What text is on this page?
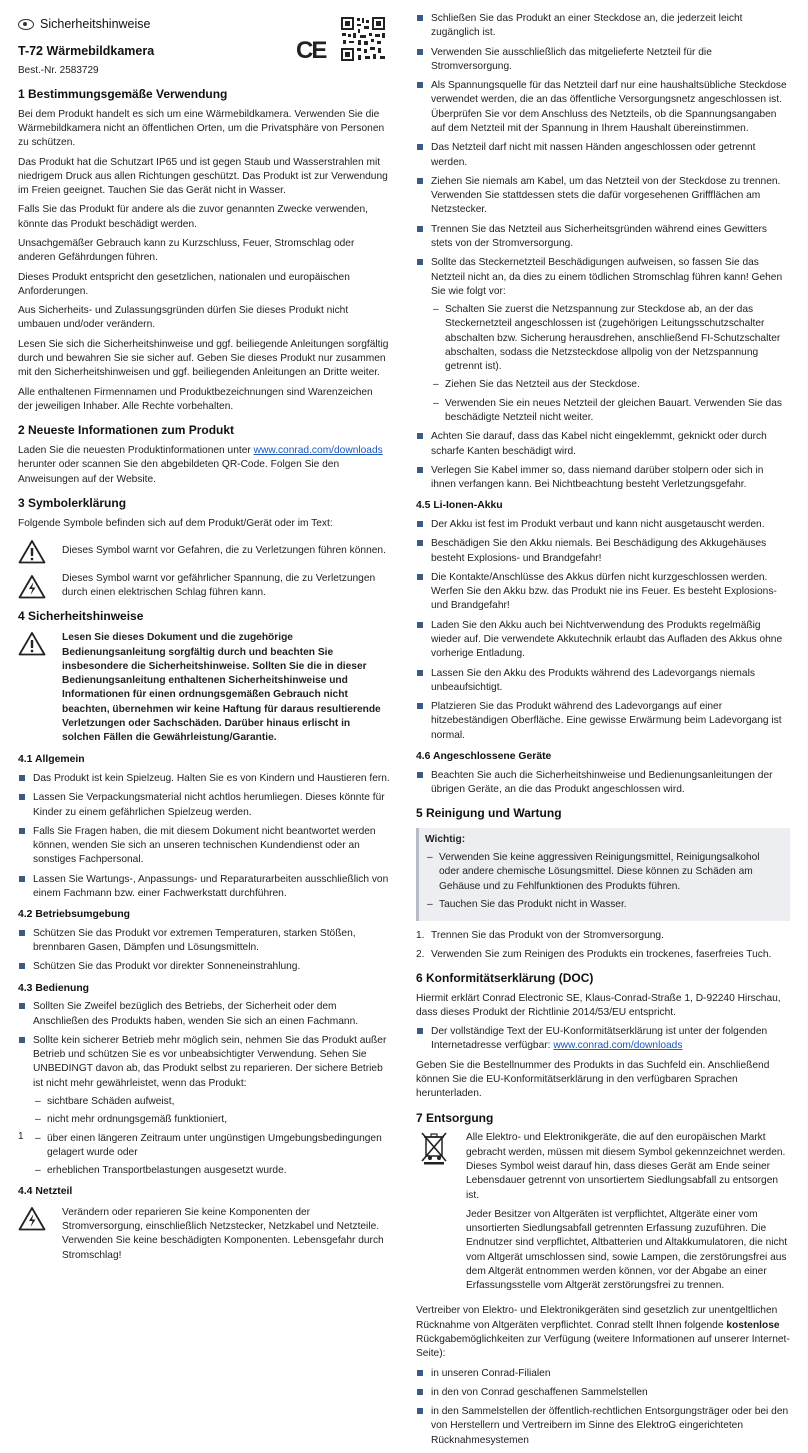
Sicherheitshinweise
T-72 Wärmebildkamera
Best.-Nr. 2583729
CE
1 Bestimmungsgemäße Verwendung

Bei dem Produkt handelt es sich um eine Wärmebildkamera. Verwenden Sie die Wärmebildkamera nicht an öffentlichen Orten, um die Privatsphäre von Personen zu schützen.

Das Produkt hat die Schutzart IP65 und ist gegen Staub und Wasserstrahlen mit niedrigem Druck aus allen Richtungen geschützt. Das Produkt ist zur Verwendung im Freien geeignet. Tauchen Sie das Gerät nicht in Wasser.

Falls Sie das Produkt für andere als die zuvor genannten Zwecke verwenden, könnte das Produkt beschädigt werden.

Unsachgemäßer Gebrauch kann zu Kurzschluss, Feuer, Stromschlag oder anderen Gefährdungen führen.

Dieses Produkt entspricht den gesetzlichen, nationalen und europäischen Anforderungen.

Aus Sicherheits- und Zulassungsgründen dürfen Sie dieses Produkt nicht umbauen und/oder verändern.

Lesen Sie sich die Sicherheitshinweise und ggf. beiliegende Anleitungen sorgfältig durch und bewahren Sie sie sicher auf. Geben Sie dieses Produkt nur zusammen mit den Sicherheitshinweisen und ggf. beiliegenden Anleitungen an Dritte weiter.

Alle enthaltenen Firmennamen und Produktbezeichnungen sind Warenzeichen der jeweiligen Inhaber. Alle Rechte vorbehalten.

2 Neueste Informationen zum Produkt

Laden Sie die neuesten Produktinformationen unter www.conrad.com/downloads herunter oder scannen Sie den abgebildeten QR-Code. Folgen Sie den Anweisungen auf der Website.

3 Symbolerklärung

Folgende Symbole befinden sich auf dem Produkt/Gerät oder im Text:

Dieses Symbol warnt vor Gefahren, die zu Verletzungen führen können.
Dieses Symbol warnt vor gefährlicher Spannung, die zu Verletzungen durch einen elektrischen Schlag führen kann.
4 Sicherheitshinweise
Lesen Sie dieses Dokument und die zugehörige Bedienungsanleitung sorgfältig durch und beachten Sie insbesondere die Sicherheitshinweise. Sollten Sie die in dieser Bedienungsanleitung enthaltenen Sicherheitshinweise und Informationen für einen ordnungsgemäßen Gebrauch nicht beachten, übernehmen wir keine Haftung für daraus resultierende Verletzungen oder Sachschäden. Darüber hinaus erlischt in solchen Fällen die Gewährleistung/Garantie.
4.1 Allgemein
Das Produkt ist kein Spielzeug. Halten Sie es von Kindern und Haustieren fern.
Lassen Sie Verpackungsmaterial nicht achtlos herumliegen. Dieses könnte für Kinder zu einem gefährlichen Spielzeug werden.
Falls Sie Fragen haben, die mit diesem Dokument nicht beantwortet werden können, wenden Sie sich an unseren technischen Kundendienst oder an sonstiges Fachpersonal.
Lassen Sie Wartungs-, Anpassungs- und Reparaturarbeiten ausschließlich von einem Fachmann bzw. einer Fachwerkstatt durchführen.
4.2 Betriebsumgebung
Schützen Sie das Produkt vor extremen Temperaturen, starken Stößen, brennbaren Gasen, Dämpfen und Lösungsmitteln.
Schützen Sie das Produkt vor direkter Sonneneinstrahlung.
4.3 Bedienung
Sollten Sie Zweifel bezüglich des Betriebs, der Sicherheit oder dem Anschließen des Produkts haben, wenden Sie sich an einen Fachmann.
Sollte kein sicherer Betrieb mehr möglich sein, nehmen Sie das Produkt außer Betrieb und schützen Sie es vor unbeabsichtigter Verwendung. Sehen Sie UNBEDINGT davon ab, das Produkt selbst zu reparieren. Der sichere Betrieb ist nicht mehr gewährleistet, wenn das Produkt:
– sichtbare Schäden aufweist,
– nicht mehr ordnungsgemäß funktioniert,
– über einen längeren Zeitraum unter ungünstigen Umgebungsbedingungen gelagert wurde oder
– erheblichen Transportbelastungen ausgesetzt wurde.
4.4 Netzteil
Verändern oder reparieren Sie keine Komponenten der Stromversorgung, einschließlich Netzstecker, Netzkabel und Netzteile. Verwenden Sie keine beschädigten Komponenten. Lebensgefahr durch Stromschlag!
Schließen Sie das Produkt an einer Steckdose an, die jederzeit leicht zugänglich ist.
Verwenden Sie ausschließlich das mitgelieferte Netzteil für die Stromversorgung.
Als Spannungsquelle für das Netzteil darf nur eine haushaltsübliche Steckdose verwendet werden, die an das öffentliche Versorgungsnetz angeschlossen ist. Überprüfen Sie vor dem Anschluss des Netzteils, ob die Spannungsangaben auf dem Netzteil mit der Spannung in Ihrem Haushalt übereinstimmen.
Das Netzteil darf nicht mit nassen Händen angeschlossen oder getrennt werden.
Ziehen Sie niemals am Kabel, um das Netzteil von der Steckdose zu trennen. Verwenden Sie stattdessen stets die dafür vorgesehenen Griffflächen am Netzstecker.
Trennen Sie das Netzteil aus Sicherheitsgründen während eines Gewitters stets von der Stromversorgung.
Sollte das Steckernetzteil Beschädigungen aufweisen, so fassen Sie das Netzteil nicht an, da dies zu einem tödlichen Stromschlag führen kann! Gehen Sie wie folgt vor:
– Schalten Sie zuerst die Netzspannung zur Steckdose ab, an der das Steckernetzteil angeschlossen ist (zugehörigen Leitungsschutzschalter abschalten bzw. Sicherung herausdrehen, anschließend FI-Schutzschalter abschalten, sodass die Netzsteckdose allpolig von der Netzspannung getrennt ist).
– Ziehen Sie das Netzteil aus der Steckdose.
– Verwenden Sie ein neues Netzteil der gleichen Bauart. Verwenden Sie das beschädigte Netzteil nicht weiter.
Achten Sie darauf, dass das Kabel nicht eingeklemmt, geknickt oder durch scharfe Kanten beschädigt wird.
Verlegen Sie Kabel immer so, dass niemand darüber stolpern oder sich in ihnen verfangen kann. Bei Nichtbeachtung besteht Verletzungsgefahr.
4.5 Li-Ionen-Akku
Der Akku ist fest im Produkt verbaut und kann nicht ausgetauscht werden.
Beschädigen Sie den Akku niemals. Bei Beschädigung des Akkugehäuses besteht Explosions- und Brandgefahr!
Die Kontakte/Anschlüsse des Akkus dürfen nicht kurzgeschlossen werden. Werfen Sie den Akku bzw. das Produkt nie ins Feuer. Es besteht Explosions- und Brandgefahr!
Laden Sie den Akku auch bei Nichtverwendung des Produkts regelmäßig wieder auf. Die verwendete Akkutechnik erlaubt das Aufladen des Akkus ohne vorherige Entladung.
Lassen Sie den Akku des Produkts während des Ladevorgangs niemals unbeaufsichtigt.
Platzieren Sie das Produkt während des Ladevorgangs auf einer hitzebeständigen Oberfläche. Eine gewisse Erwärmung beim Ladevorgang ist normal.
4.6 Angeschlossene Geräte
Beachten Sie auch die Sicherheitshinweise und Bedienungsanleitungen der übrigen Geräte, an die das Produkt angeschlossen wird.
5 Reinigung und Wartung
Wichtig:
– Verwenden Sie keine aggressiven Reinigungsmittel, Reinigungsalkohol oder andere chemische Lösungsmittel. Diese können zu Schäden am Gehäuse und zu Fehlfunktionen des Produkts führen.
– Tauchen Sie das Produkt nicht in Wasser.
1. Trennen Sie das Produkt von der Stromversorgung.
2. Verwenden Sie zum Reinigen des Produkts ein trockenes, faserfreies Tuch.
6 Konformitätserklärung (DOC)

Hiermit erklärt Conrad Electronic SE, Klaus-Conrad-Straße 1, D-92240 Hirschau, dass dieses Produkt der Richtlinie 2014/53/EU entspricht.

Der vollständige Text der EU-Konformitätserklärung ist unter der folgenden Internetadresse verfügbar: www.conrad.com/downloads

Geben Sie die Bestellnummer des Produkts in das Suchfeld ein. Anschließend können Sie die EU-Konformitätserklärung in den verfügbaren Sprachen herunterladen.

7 Entsorgung

Alle Elektro- und Elektronikgeräte, die auf den europäischen Markt gebracht werden, müssen mit diesem Symbol gekennzeichnet werden. Dieses Symbol weist darauf hin, dass dieses Gerät am Ende seiner Lebensdauer getrennt von unsortiertem Siedlungsabfall zu entsorgen ist.

Jeder Besitzer von Altgeräten ist verpflichtet, Altgeräte einer vom unsortierten Siedlungsabfall getrennten Erfassung zuzuführen. Die Endnutzer sind verpflichtet, Altbatterien und Altakkumulatoren, die nicht vom Altgerät umschlossen sind, sowie Lampen, die zerstörungsfrei aus dem Altgerät entnommen werden können, vor der Abgabe an einer Erfassungsstelle vom Altgerät zerstörungsfrei zu trennen.

Vertreiber von Elektro- und Elektronikgeräten sind gesetzlich zur unentgeltlichen Rücknahme von Altgeräten verpflichtet. Conrad stellt Ihnen folgende kostenlose Rückgabemöglichkeiten zur Verfügung (weitere Informationen auf unserer Internet-Seite):

in unseren Conrad-Filialen
in den von Conrad geschaffenen Sammelstellen
in den Sammelstellen der öffentlich-rechtlichen Entsorgungsträger oder bei den von Herstellern und Vertreibern im Sinne des ElektroG eingerichteten Rücknahmesystemen
1
